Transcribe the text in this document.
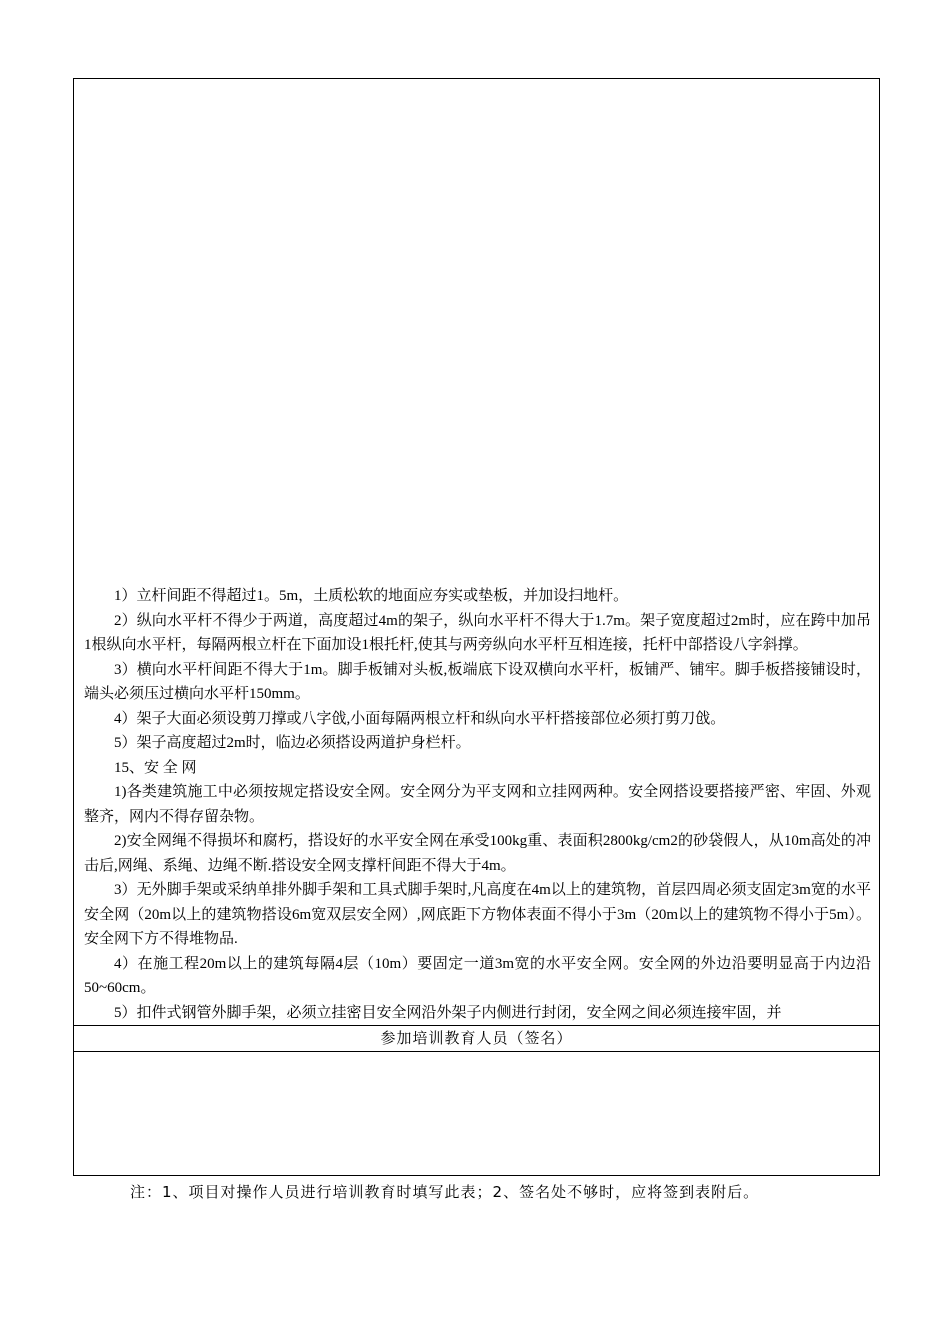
1）立杆间距不得超过1。5m，土质松软的地面应夯实或垫板，并加设扫地杆。

2）纵向水平杆不得少于两道，高度超过4m的架子，纵向水平杆不得大于1.7m。架子宽度超过2m时，应在跨中加吊1根纵向水平杆，每隔两根立杆在下面加设1根托杆,使其与两旁纵向水平杆互相连接，托杆中部搭设八字斜撑。

3）横向水平杆间距不得大于1m。脚手板铺对头板,板端底下设双横向水平杆，板铺严、铺牢。脚手板搭接铺设时，端头必须压过横向水平杆150mm。

4）架子大面必须设剪刀撑或八字戗,小面每隔两根立杆和纵向水平杆搭接部位必须打剪刀戗。

5）架子高度超过2m时，临边必须搭设两道护身栏杆。

15、安 全 网

1)各类建筑施工中必须按规定搭设安全网。安全网分为平支网和立挂网两种。安全网搭设要搭接严密、牢固、外观整齐，网内不得存留杂物。

2)安全网绳不得损坏和腐朽，搭设好的水平安全网在承受100kg重、表面积2800kg/cm2的砂袋假人，从10m高处的冲击后,网绳、系绳、边绳不断.搭设安全网支撑杆间距不得大于4m。

3）无外脚手架或采纳单排外脚手架和工具式脚手架时,凡高度在4m以上的建筑物，首层四周必须支固定3m宽的水平安全网（20m以上的建筑物搭设6m宽双层安全网）,网底距下方物体表面不得小于3m（20m以上的建筑物不得小于5m）。安全网下方不得堆物品.

4）在施工程20m以上的建筑每隔4层（10m）要固定一道3m宽的水平安全网。安全网的外边沿要明显高于内边沿50~60cm。

5）扣件式钢管外脚手架，必须立挂密目安全网沿外架子内侧进行封闭，安全网之间必须连接牢固，并

参加培训教育人员（签名）
注：1、项目对操作人员进行培训教育时填写此表；2、签名处不够时，应将签到表附后。
